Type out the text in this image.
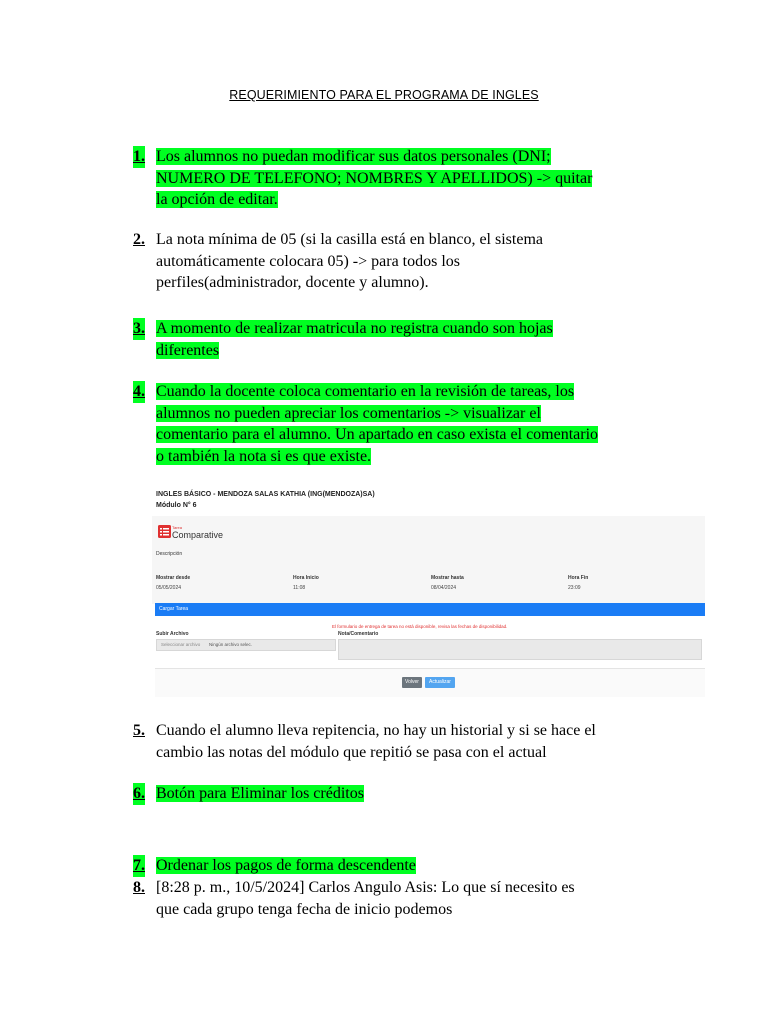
REQUERIMIENTO PARA EL PROGRAMA DE INGLES
1. Los alumnos no puedan modificar sus datos personales (DNI;
NUMERO DE TELEFONO; NOMBRES Y APELLIDOS) -> quitar
la opción de editar.
2. La nota mínima de 05 (si la casilla está en blanco, el sistema
automáticamente colocara 05) -> para todos los
perfiles(administrador, docente y alumno).
3. A momento de realizar matricula no registra cuando son hojas
diferentes
4. Cuando la docente coloca comentario en la revisión de tareas, los
alumnos no pueden apreciar los comentarios -> visualizar el
comentario para el alumno. Un apartado en caso exista el comentario
o también la nota si es que existe.
INGLES BÁSICO - MENDOZA SALAS KATHIA (ING(MENDOZA)SA)
Módulo N° 6
Tarea
Comparative
Descripción
Mostrar desde
05/05/2024
Hora Inicio
11:08
Mostrar hasta
08/04/2024
Hora Fin
23:09
Cargar Tarea
El formulario de entrega de tarea no está disponible, revisa las fechas de disponibilidad.
Subir Archivo	Nota/Comentario
Seleccionar archivo Ningún archivo selec.
Volver	Actualizar
5. Cuando el alumno lleva repitencia, no hay un historial y si se hace el
cambio las notas del módulo que repitió se pasa con el actual
6. Botón para Eliminar los créditos
7. Ordenar los pagos de forma descendente
8. [8:28 p. m., 10/5/2024] Carlos Angulo Asis: Lo que sí necesito es
que cada grupo tenga fecha de inicio podemos
